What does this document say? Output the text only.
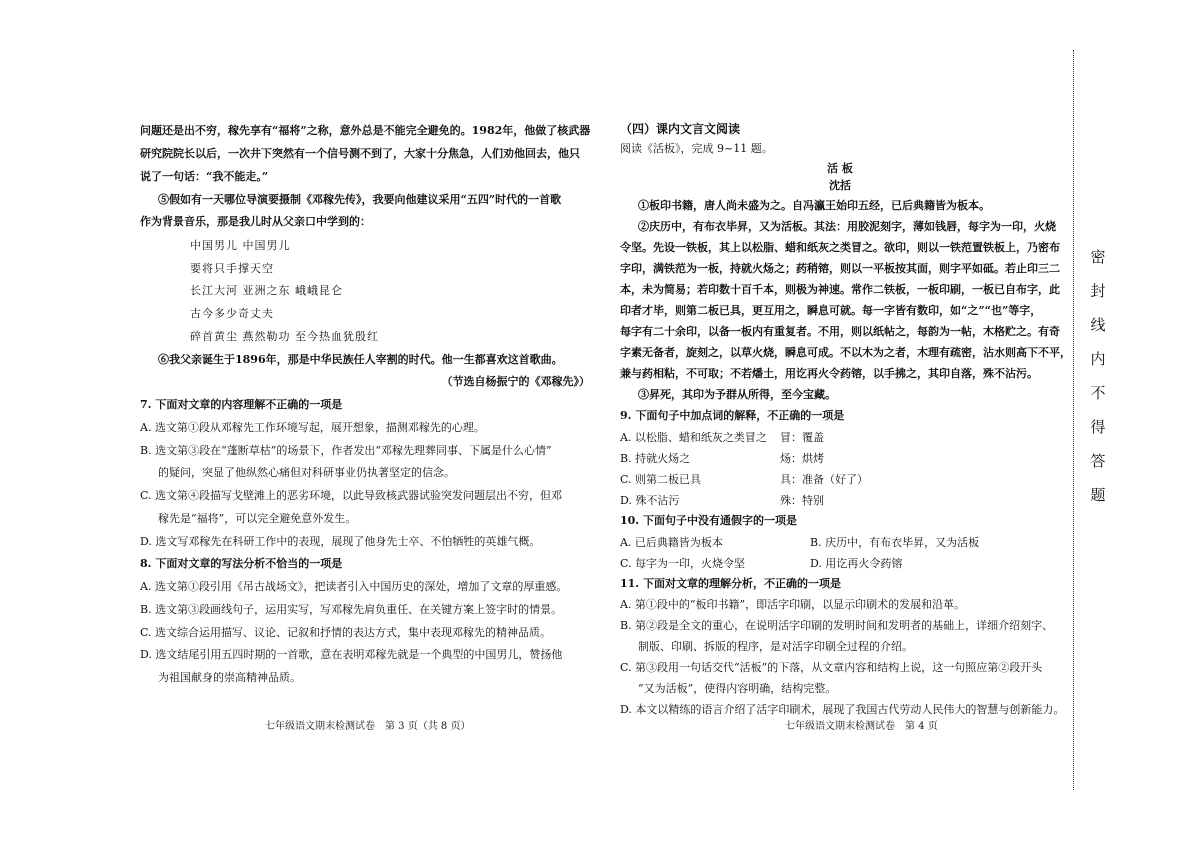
问题还是出不穷，稼先享有“福将”之称，意外总是不能完全避免的。1982年，他做了核武器
研究院院长以后，一次井下突然有一个信号测不到了，大家十分焦急，人们劝他回去，他只
说了一句话：“我不能走。”
⑤假如有一天哪位导演要摄制《邓稼先传》，我要向他建议采用“五四”时代的一首歌
作为背景音乐，那是我儿时从父亲口中学到的：
中国男儿 中国男儿
要将只手撑天空
长江大河 亚洲之东 峨峨昆仑
古今多少奇丈夫
碎首黄尘 燕然勒功 至今热血犹殷红
⑥我父亲诞生于1896年，那是中华民族任人宰割的时代。他一生都喜欢这首歌曲。
（节选自杨振宁的《邓稼先》）
7. 下面对文章的内容理解不正确的一项是
A. 选文第①段从邓稼先工作环境写起，展开想象，描测邓稼先的心理。
B. 选文第③段在“蓬断草枯”的场景下，作者发出“邓稼先理葬同事、下属是什么心情”
的疑问，突显了他纵然心痛但对科研事业仍执著坚定的信念。
C. 选文第④段描写戈壁滩上的恶劣环境，以此导致核武器试验突发问题层出不穷，但邓
稼先是“福将”，可以完全避免意外发生。
D. 选文写邓稼先在科研工作中的表现，展现了他身先士卒、不怕牺牲的英雄气概。
8. 下面对文章的写法分析不恰当的一项是
A. 选文第①段引用《吊古战场文》，把读者引入中国历史的深处，增加了文章的厚重感。
B. 选文第③段画线句子，运用实写，写邓稼先肩负重任、在关键方案上签字时的情景。
C. 选文综合运用描写、议论、记叙和抒情的表达方式，集中表现邓稼先的精神品质。
D. 选文结尾引用五四时期的一首歌，意在表明邓稼先就是一个典型的中国男儿，赞扬他
为祖国献身的崇高精神品质。
七年级语文期末检测试卷　第 3 页（共 8 页）
（四）课内文言文阅读
阅读《活板》，完成 9~11 题。
活 板
沈括
①板印书籍，唐人尚未盛为之。自冯瀛王始印五经，已后典籍皆为板本。
②庆历中，有布衣毕昇，又为活板。其法：用胶泥刻字，薄如钱唇，每字为一印，火烧
令坚。先设一铁板，其上以松脂、蜡和纸灰之类冒之。欲印，则以一铁范置铁板上，乃密布
字印，满铁范为一板，持就火炀之；药稍镕，则以一平板按其面，则字平如砥。若止印三二
本，未为简易；若印数十百千本，则极为神速。常作二铁板，一板印刷，一板已自布字，此
印者才毕，则第二板已具，更互用之，瞬息可就。每一字皆有数印，如“之”“也”等字，
每字有二十余印，以备一板内有重复者。不用，则以纸帖之，每韵为一帖，木格贮之。有奇
字素无备者，旋刻之，以草火烧，瞬息可成。不以木为之者，木理有疏密，沾水则高下不平，
兼与药相粘，不可取；不若燔土，用讫再火令药镕，以手拂之，其印自落，殊不沾污。
③昇死，其印为予群从所得，至今宝藏。
9. 下面句子中加点词的解释，不正确的一项是
A. 以松脂、蜡和纸灰之类冒之 冒：覆盖
B. 持就火炀之	炀：烘烤
C. 则第二板已具	具：准备（好了）
D. 殊不沾污	殊：特别
10. 下面句子中没有通假字的一项是
A. 已后典籍皆为板本	B. 庆历中，有布衣毕昇，又为活板
C. 每字为一印，火烧令坚	D. 用讫再火令药镕
11. 下面对文章的理解分析，不正确的一项是
A. 第①段中的“板印书籍”，即活字印刷，以显示印刷术的发展和沿革。
B. 第②段是全文的重心，在说明活字印刷的发明时间和发明者的基础上，详细介绍刻字、
制版、印刷、拆版的程序，是对活字印刷全过程的介绍。
C. 第③段用一句话交代“活板”的下落，从文章内容和结构上说，这一句照应第②段开头
“又为活板”，使得内容明确，结构完整。
D. 本文以精练的语言介绍了活字印刷术，展现了我国古代劳动人民伟大的智慧与创新能力。
七年级语文期末检测试卷　第 4 页
密
封
线
内
不
得
答
题
